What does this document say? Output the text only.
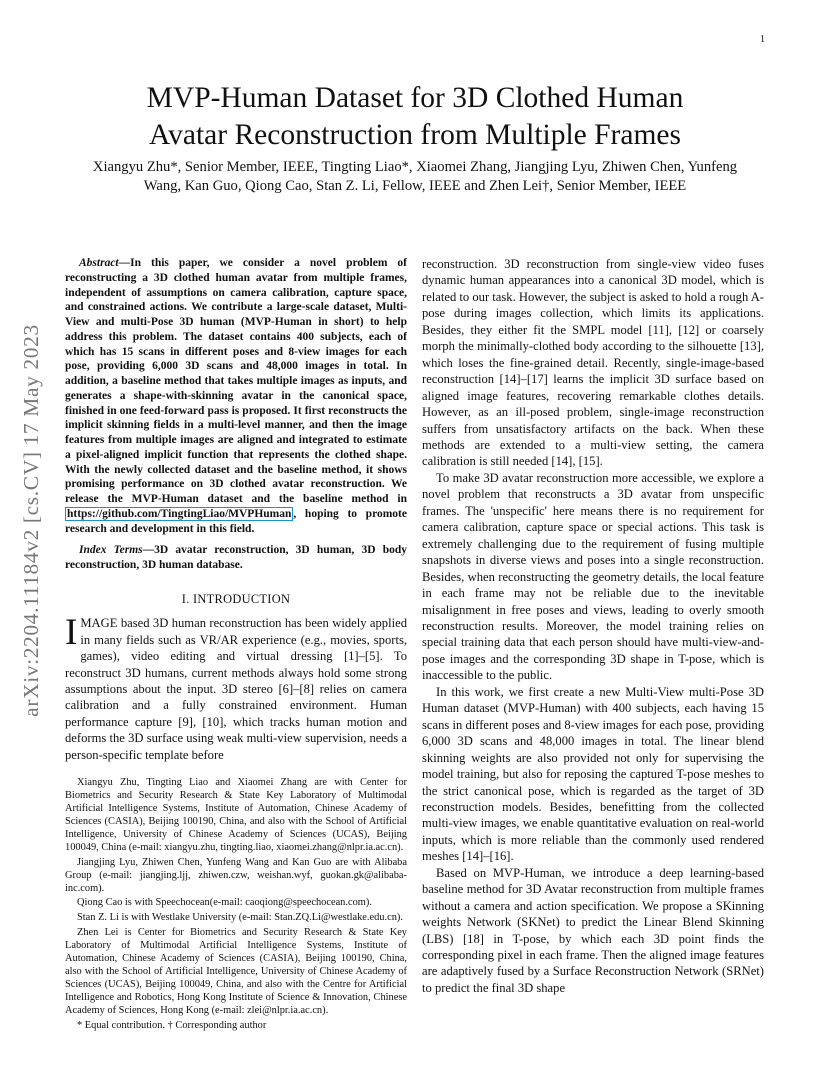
1
arXiv:2204.11184v2 [cs.CV] 17 May 2023
MVP-Human Dataset for 3D Clothed Human
Avatar Reconstruction from Multiple Frames
Xiangyu Zhu*, Senior Member, IEEE, Tingting Liao*, Xiaomei Zhang, Jiangjing Lyu, Zhiwen Chen, Yunfeng
Wang, Kan Guo, Qiong Cao, Stan Z. Li, Fellow, IEEE and Zhen Lei†, Senior Member, IEEE

Abstract—In this paper, we consider a novel problem of reconstructing a 3D clothed human avatar from multiple frames, independent of assumptions on camera calibration, capture space, and constrained actions. We contribute a large-scale dataset, Multi-View and multi-Pose 3D human (MVP-Human in short) to help address this problem. The dataset contains 400 subjects, each of which has 15 scans in different poses and 8-view images for each pose, providing 6,000 3D scans and 48,000 images in total. In addition, a baseline method that takes multiple images as inputs, and generates a shape-with-skinning avatar in the canonical space, finished in one feed-forward pass is proposed. It first reconstructs the implicit skinning fields in a multi-level manner, and then the image features from multiple images are aligned and integrated to estimate a pixel-aligned implicit function that represents the clothed shape. With the newly collected dataset and the baseline method, it shows promising performance on 3D clothed avatar reconstruction. We release the MVP-Human dataset and the baseline method in https://github.com/TingtingLiao/MVPHuman , hoping to promote research and development in this field.

Index Terms—3D avatar reconstruction, 3D human, 3D body reconstruction, 3D human database.

I. INTRODUCTION

IMAGE based 3D human reconstruction has been widely applied in many fields such as VR/AR experience (e.g., movies, sports, games), video editing and virtual dressing [1]–[5]. To reconstruct 3D humans, current methods always hold some strong assumptions about the input. 3D stereo [6]–[8] relies on camera calibration and a fully constrained environment. Human performance capture [9], [10], which tracks human motion and deforms the 3D surface using weak multi-view supervision, needs a person-specific template before

Xiangyu Zhu, Tingting Liao and Xiaomei Zhang are with Center for Biometrics and Security Research & State Key Laboratory of Multimodal Artificial Intelligence Systems, Institute of Automation, Chinese Academy of Sciences (CASIA), Beijing 100190, China, and also with the School of Artificial Intelligence, University of Chinese Academy of Sciences (UCAS), Beijing 100049, China (e-mail: xiangyu.zhu, tingting.liao, xiaomei.zhang@nlpr.ia.ac.cn).

Jiangjing Lyu, Zhiwen Chen, Yunfeng Wang and Kan Guo are with Alibaba Group (e-mail: jiangjing.ljj, zhiwen.czw, weishan.wyf, guokan.gk@alibaba-inc.com).

Qiong Cao is with Speechocean(e-mail: caoqiong@speechocean.com).

Stan Z. Li is with Westlake University (e-mail: Stan.ZQ.Li@westlake.edu.cn).

Zhen Lei is Center for Biometrics and Security Research & State Key Laboratory of Multimodal Artificial Intelligence Systems, Institute of Automation, Chinese Academy of Sciences (CASIA), Beijing 100190, China, also with the School of Artificial Intelligence, University of Chinese Academy of Sciences (UCAS), Beijing 100049, China, and also with the Centre for Artificial Intelligence and Robotics, Hong Kong Institute of Science & Innovation, Chinese Academy of Sciences, Hong Kong (e-mail: zlei@nlpr.ia.ac.cn).

* Equal contribution. † Corresponding author

reconstruction. 3D reconstruction from single-view video fuses dynamic human appearances into a canonical 3D model, which is related to our task. However, the subject is asked to hold a rough A-pose during images collection, which limits its applications. Besides, they either fit the SMPL model [11], [12] or coarsely morph the minimally-clothed body according to the silhouette [13], which loses the fine-grained detail. Recently, single-image-based reconstruction [14]–[17] learns the implicit 3D surface based on aligned image features, recovering remarkable clothes details. However, as an ill-posed problem, single-image reconstruction suffers from unsatisfactory artifacts on the back. When these methods are extended to a multi-view setting, the camera calibration is still needed [14], [15].

To make 3D avatar reconstruction more accessible, we explore a novel problem that reconstructs a 3D avatar from unspecific frames. The 'unspecific' here means there is no requirement for camera calibration, capture space or special actions. This task is extremely challenging due to the requirement of fusing multiple snapshots in diverse views and poses into a single reconstruction. Besides, when reconstructing the geometry details, the local feature in each frame may not be reliable due to the inevitable misalignment in free poses and views, leading to overly smooth reconstruction results. Moreover, the model training relies on special training data that each person should have multi-view-and-pose images and the corresponding 3D shape in T-pose, which is inaccessible to the public.

In this work, we first create a new Multi-View multi-Pose 3D Human dataset (MVP-Human) with 400 subjects, each having 15 scans in different poses and 8-view images for each pose, providing 6,000 3D scans and 48,000 images in total. The linear blend skinning weights are also provided not only for supervising the model training, but also for reposing the captured T-pose meshes to the strict canonical pose, which is regarded as the target of 3D reconstruction models. Besides, benefitting from the collected multi-view images, we enable quantitative evaluation on real-world inputs, which is more reliable than the commonly used rendered meshes [14]–[16].

Based on MVP-Human, we introduce a deep learning-based baseline method for 3D Avatar reconstruction from multiple frames without a camera and action specification. We propose a SKinning weights Network (SKNet) to predict the Linear Blend Skinning (LBS) [18] in T-pose, by which each 3D point finds the corresponding pixel in each frame. Then the aligned image features are adaptively fused by a Surface Reconstruction Network (SRNet) to predict the final 3D shape
